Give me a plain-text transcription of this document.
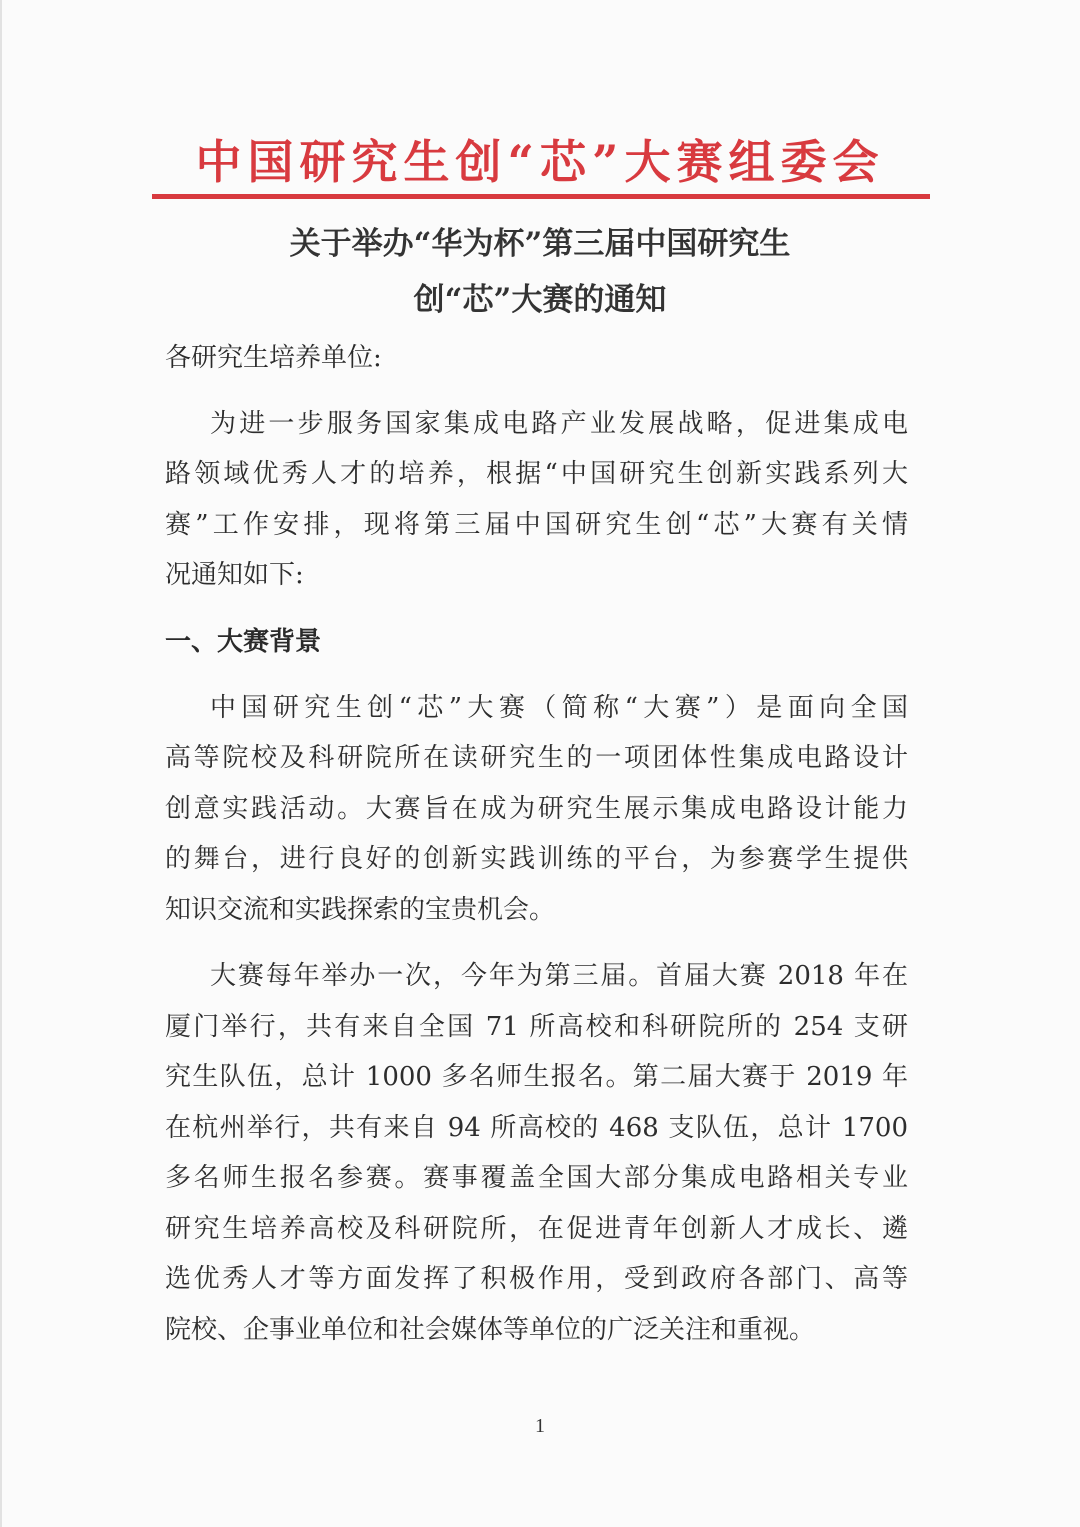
中国研究生创“芯”大赛组委会
关于举办“华为杯”第三届中国研究生
创“芯”大赛的通知

各研究生培养单位:

为进一步服务国家集成电路产业发展战略，促进集成电

路领域优秀人才的培养，根据“中国研究生创新实践系列大

赛”工作安排，现将第三届中国研究生创“芯”大赛有关情

况通知如下:

一、大赛背景

中国研究生创“芯”大赛（简称“大赛”）是面向全国

高等院校及科研院所在读研究生的一项团体性集成电路设计

创意实践活动。大赛旨在成为研究生展示集成电路设计能力

的舞台，进行良好的创新实践训练的平台，为参赛学生提供

知识交流和实践探索的宝贵机会。

大赛每年举办一次，今年为第三届。首届大赛 2018 年在

厦门举行，共有来自全国 71 所高校和科研院所的 254 支研

究生队伍，总计 1000 多名师生报名。第二届大赛于 2019 年

在杭州举行，共有来自 94 所高校的 468 支队伍，总计 1700

多名师生报名参赛。赛事覆盖全国大部分集成电路相关专业

研究生培养高校及科研院所，在促进青年创新人才成长、遴

选优秀人才等方面发挥了积极作用，受到政府各部门、高等

院校、企事业单位和社会媒体等单位的广泛关注和重视。

1
